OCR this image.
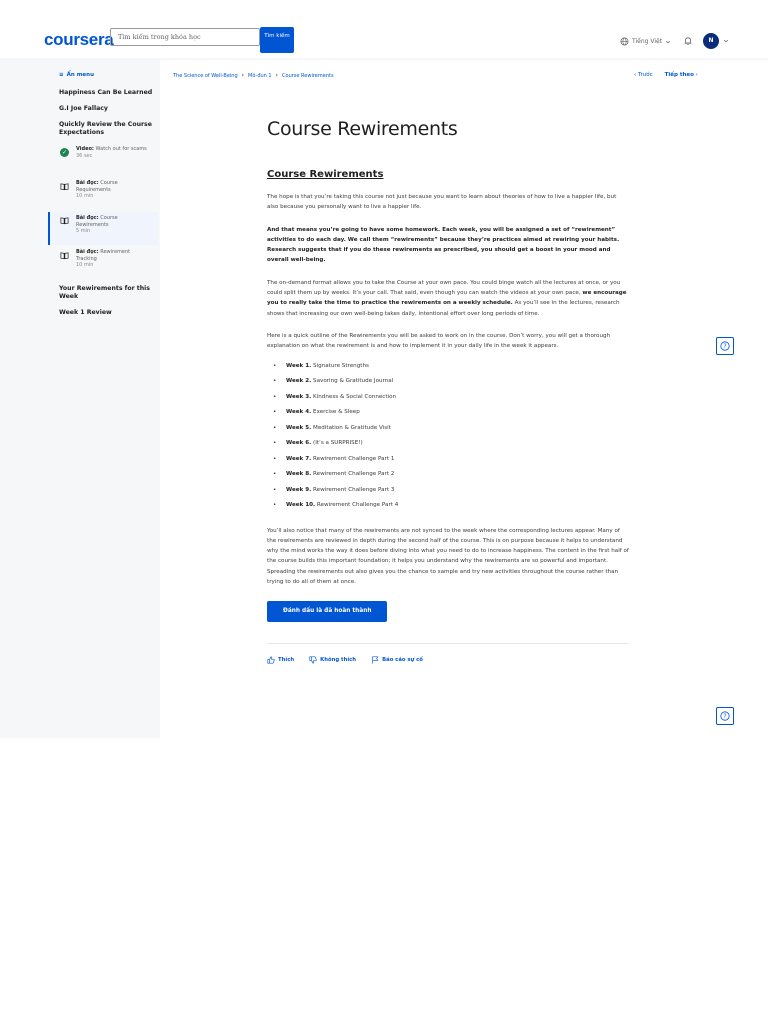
coursera Tìm kiếm trong khóa học	Tìm kiếm
Tiếng Việt	N
≡ Ẩn menu
Happiness Can Be Learned
G.I Joe Fallacy
Quickly Review the Course Expectations
✓	Video: Watch out for scams
36 sec
Bài đọc: Course Requirements
10 min
Bài đọc: Course Rewirements
5 min
Bài đọc: Rewirement Tracking
10 min
Your Rewirements for this Week
Week 1 Review
The Science of Well-Being › Mô-đun 1 › Course Rewirements	‹ Trước Tiếp theo ›
Course Rewirements
Course Rewirements

The hope is that you’re taking this course not just because you want to learn about theories of how to live a happier life, but also because you personally want to live a happier life.

And that means you’re going to have some homework. Each week, you will be assigned a set of “rewirement” activities to do each day. We call them “rewirements” because they’re practices aimed at rewiring your habits. Research suggests that if you do these rewirements as prescribed, you should get a boost in your mood and overall well-being.

The on-demand format allows you to take the Course at your own pace. You could binge watch all the lectures at once, or you could split them up by weeks. It’s your call. That said, even though you can watch the videos at your own pace, we encourage you to really take the time to practice the rewirements on a weekly schedule. As you’ll see in the lectures, research shows that increasing our own well-being takes daily, intentional effort over long periods of time.

Here is a quick outline of the Rewirements you will be asked to work on in the course. Don’t worry, you will get a thorough explanation on what the rewirement is and how to implement it in your daily life in the week it appears.

• Week 1. Signature Strengths
• Week 2. Savoring & Gratitude Journal
• Week 3. Kindness & Social Connection
• Week 4. Exercise & Sleep
• Week 5. Meditation & Gratitude Visit
• Week 6. (It’s a SURPRISE!)
• Week 7. Rewirement Challenge Part 1
• Week 8. Rewirement Challenge Part 2
• Week 9. Rewirement Challenge Part 3
• Week 10. Rewirement Challenge Part 4

You’ll also notice that many of the rewirements are not synced to the week where the corresponding lectures appear. Many of the rewirements are reviewed in depth during the second half of the course. This is on purpose because it helps to understand why the mind works the way it does before diving into what you need to do to increase happiness. The content in the first half of the course builds this important foundation; it helps you understand why the rewirements are so powerful and important. Spreading the rewirements out also gives you the chance to sample and try new activities throughout the course rather than trying to do all of them at once.

Đánh dấu là đã hoàn thành
Thích	Không thích	Báo cáo sự cố
?
?
